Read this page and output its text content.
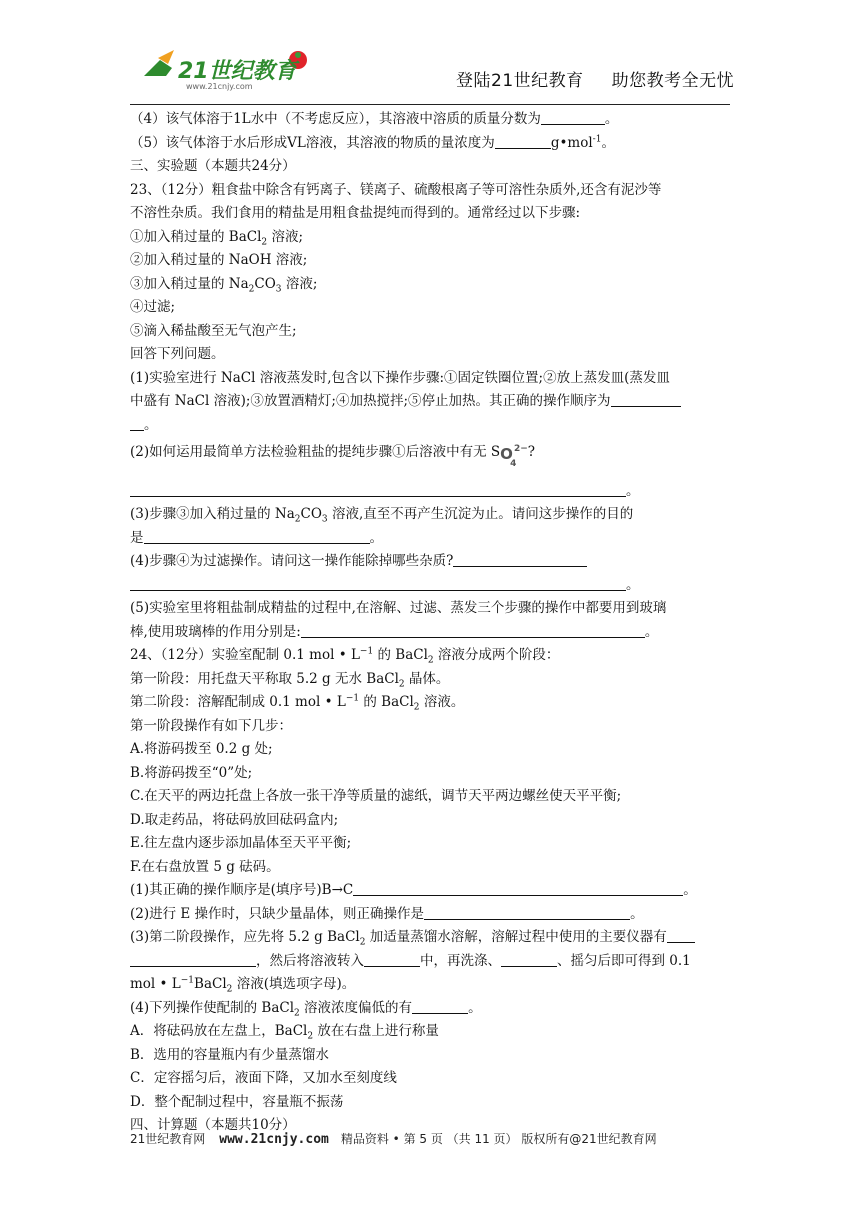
21世纪教育
www.21cnjy.com	登陆21世纪教育 助您教考全无忧

（4）该气体溶于1L水中（不考虑反应），其溶液中溶质的质量分数为	。

（5）该气体溶于水后形成VL溶液，其溶液的物质的量浓度为	g•mol$^{-1}$。

三、实验题（本题共24分）

23、（12分）粗食盐中除含有钙离子、镁离子、硫酸根离子等可溶性杂质外,还含有泥沙等

不溶性杂质。我们食用的精盐是用粗食盐提纯而得到的。通常经过以下步骤:

①加入稍过量的 BaCl$_2$ 溶液;

②加入稍过量的 NaOH 溶液;

③加入稍过量的 $Na_2CO_3$ 溶液;

④过滤;

⑤滴入稀盐酸至无气泡产生;

回答下列问题。

(1)实验室进行 NaCl 溶液蒸发时,包含以下操作步骤:①固定铁圈位置;②放上蒸发皿(蒸发皿

中盛有 NaCl 溶液);③放置酒精灯;④加热搅拌;⑤停止加热。其正确的操作顺序为

。

(2)如何运用最简单方法检验粗盐的提纯步骤①后溶液中有无 $SO^{2-}$
4
?

。

(3)步骤③加入稍过量的 $Na_2CO_3$ 溶液,直至不再产生沉淀为止。请问这步操作的目的

是	。

(4)步骤④为过滤操作。请问这一操作能除掉哪些杂质?

。

(5)实验室里将粗盐制成精盐的过程中,在溶解、过滤、蒸发三个步骤的操作中都要用到玻璃

棒,使用玻璃棒的作用分别是:	。

24、（12分）实验室配制 0.1 mol • $L^{-1}$ 的 BaCl$_2$ 溶液分成两个阶段：

第一阶段：用托盘天平称取 5.2 g 无水 BaCl$_2$ 晶体。

第二阶段：溶解配制成 0.1 mol • $L^{-1}$ 的 BaCl$_2$ 溶液。

第一阶段操作有如下几步：

A.将游码拨至 0.2 g 处;

B.将游码拨至“0”处;

C.在天平的两边托盘上各放一张干净等质量的滤纸，调节天平两边螺丝使天平平衡;

D.取走药品，将砝码放回砝码盒内;

E.往左盘内逐步添加晶体至天平平衡;

F.在右盘放置 5 g 砝码。

(1)其正确的操作顺序是(填序号)B→C	。

(2)进行 E 操作时，只缺少量晶体，则正确操作是	。

(3)第二阶段操作，应先将 5.2 g BaCl$_2$ 加适量蒸馏水溶解，溶解过程中使用的主要仪器有

，然后将溶液转入	中，再洗涤、	、摇匀后即可得到 0.1

mol • $L^{-1}BaCl_2$ 溶液(填选项字母)。

(4)下列操作使配制的 BaCl$_2$ 溶液浓度偏低的有	。

A．将砝码放在左盘上，BaCl$_2$ 放在右盘上进行称量

B．选用的容量瓶内有少量蒸馏水

C．定容摇匀后，液面下降，又加水至刻度线

D．整个配制过程中，容量瓶不振荡

四、计算题（本题共10分）

21世纪教育网 www.21cnjy.com 精品资料 • 第 5 页 （共 11 页） 版权所有@21世纪教育网
